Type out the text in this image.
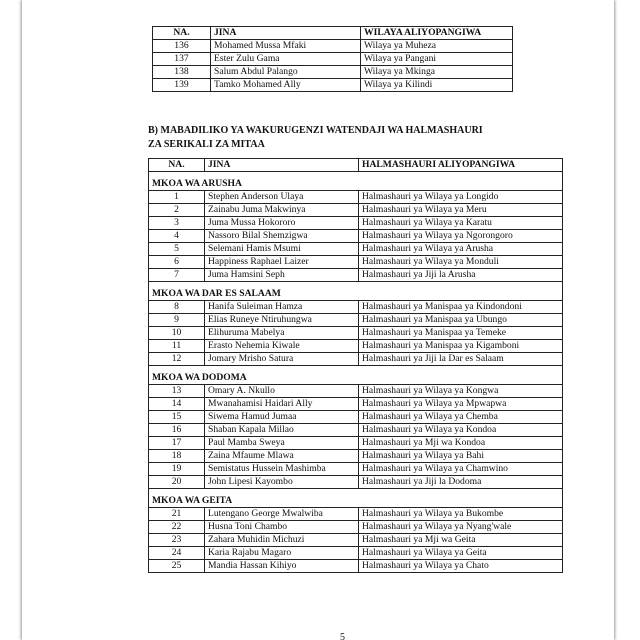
NA.	JINA	WILAYA ALIYOPANGIWA
136	Mohamed Mussa Mfaki	Wilaya ya Muheza
137	Ester Zulu Gama	Wilaya ya Pangani
138	Salum Abdul Palango	Wilaya ya Mkinga
139	Tamko Mohamed Ally	Wilaya ya Kilindi
B) MABADILIKO YA WAKURUGENZI WATENDAJI WA HALMASHAURI
ZA SERIKALI ZA MITAA
NA.	JINA	HALMASHAURI ALIYOPANGIWA
MKOA WA ARUSHA		
1	Stephen Anderson Ulaya	Halmashauri ya Wilaya ya Longido
2	Zainabu Juma Makwinya	Halmashauri ya Wilaya ya Meru
3	Juma Mussa Hokororo	Halmashauri ya Wilaya ya Karatu
4	Nassoro Bilal Shemzigwa	Halmashauri ya Wilaya ya Ngorongoro
5	Selemani Hamis Msumi	Halmashauri ya Wilaya ya Arusha
6	Happiness Raphael Laizer	Halmashauri ya Wilaya ya Monduli
7	Juma Hamsini Seph	Halmashauri ya Jiji la Arusha
MKOA WA DAR ES SALAAM		
8	Hanifa Suleiman Hamza	Halmashauri ya Manispaa ya Kindondoni
9	Elias Runeye Ntiruhungwa	Halmashauri ya Manispaa ya Ubungo
10	Elihuruma Mabelya	Halmashauri ya Manispaa ya Temeke
11	Erasto Nehemia Kiwale	Halmashauri ya Manispaa ya Kigamboni
12	Jomary Mrisho Satura	Halmashauri ya Jiji la Dar es Salaam
MKOA WA DODOMA		
13	Omary A. Nkullo	Halmashauri ya Wilaya ya Kongwa
14	Mwanahamisi Haidari Ally	Halmashauri ya Wilaya ya Mpwapwa
15	Siwema Hamud Jumaa	Halmashauri ya Wilaya ya Chemba
16	Shaban Kapala Millao	Halmashauri ya Wilaya ya Kondoa
17	Paul Mamba Sweya	Halmashauri ya Mji wa Kondoa
18	Zaina Mfaume Mlawa	Halmashauri ya Wilaya ya Bahi
19	Semistatus Hussein Mashimba	Halmashauri ya Wilaya ya Chamwino
20	John Lipesi Kayombo	Halmashauri ya Jiji la Dodoma
MKOA WA GEITA		
21	Lutengano George Mwalwiba	Halmashauri ya Wilaya ya Bukombe
22	Husna Toni Chambo	Halmashauri ya Wilaya ya Nyang'wale
23	Zahara Muhidin Michuzi	Halmashauri ya Mji wa Geita
24	Karia Rajabu Magaro	Halmashauri ya Wilaya ya Geita
25	Mandia Hassan Kihiyo	Halmashauri ya Wilaya ya Chato
5
